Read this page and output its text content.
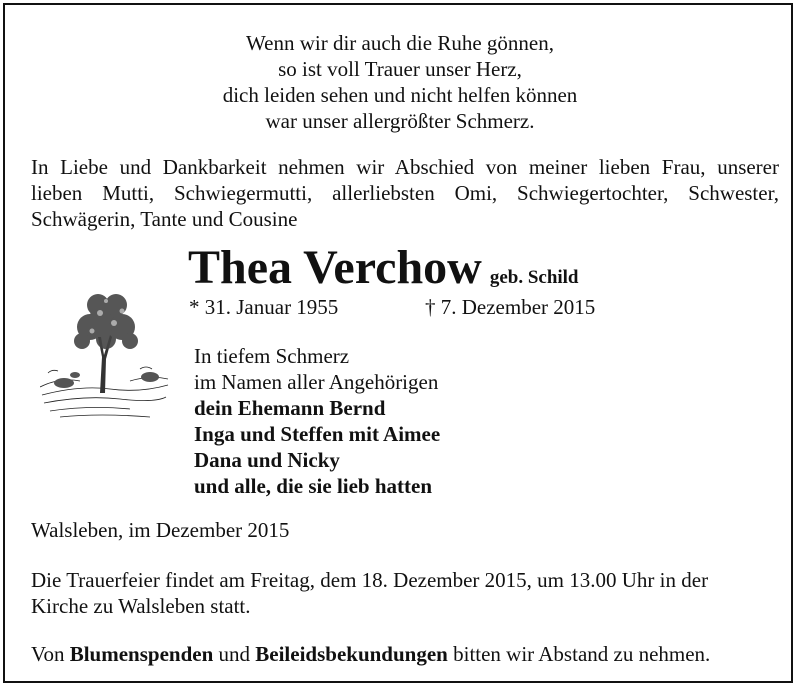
Wenn wir dir auch die Ruhe gönnen,
so ist voll Trauer unser Herz,
dich leiden sehen und nicht helfen können
war unser allergrößter Schmerz.
In Liebe und Dankbarkeit nehmen wir Abschied von meiner lieben Frau, unserer
lieben Mutti, Schwiegermutti, allerliebsten Omi, Schwiegertochter, Schwester,
Schwägerin, Tante und Cousine
Thea Verchow geb. Schild
* 31. Januar 1955	† 7. Dezember 2015
In tiefem Schmerz
im Namen aller Angehörigen
dein Ehemann Bernd
Inga und Steffen mit Aimee
Dana und Nicky
und alle, die sie lieb hatten
Walsleben, im Dezember 2015
Die Trauerfeier findet am Freitag, dem 18. Dezember 2015, um 13.00 Uhr in der
Kirche zu Walsleben statt.
Von Blumenspenden und Beileidsbekundungen bitten wir Abstand zu nehmen.
